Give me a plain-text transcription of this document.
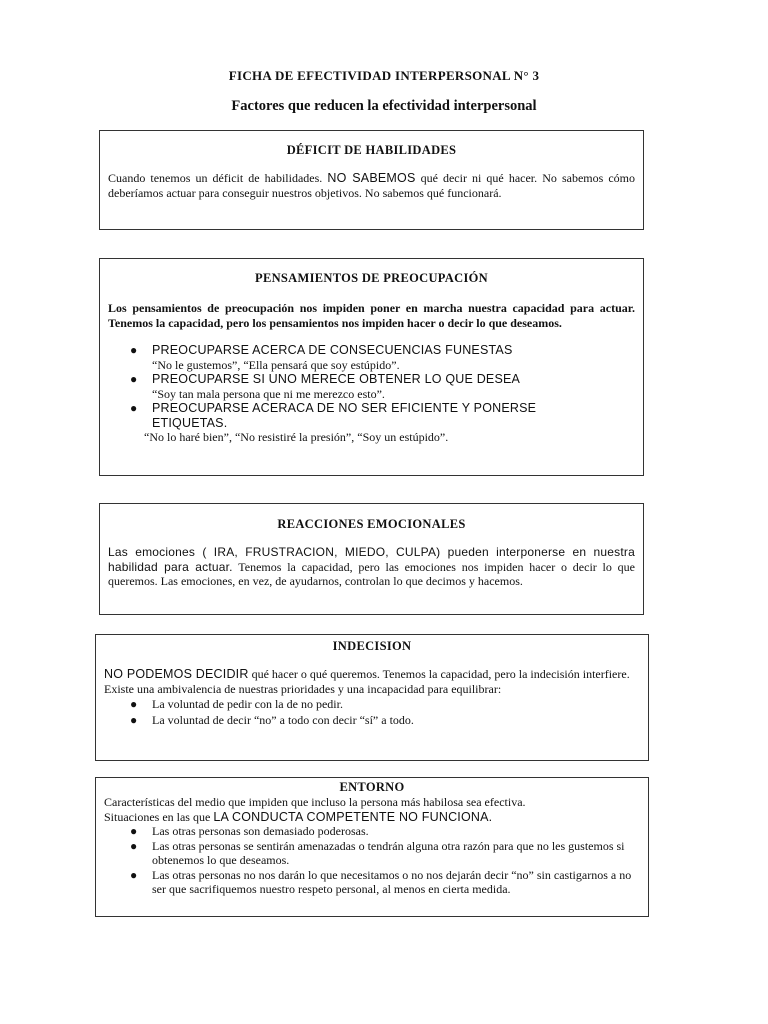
FICHA DE EFECTIVIDAD INTERPERSONAL N° 3
Factores que reducen la efectividad interpersonal
DÉFICIT DE HABILIDADES
Cuando tenemos un déficit de habilidades. NO SABEMOS qué decir ni qué hacer. No sabemos cómo deberíamos actuar para conseguir nuestros objetivos. No sabemos qué funcionará.
PENSAMIENTOS DE PREOCUPACIÓN
Los pensamientos de preocupación nos impiden poner en marcha nuestra capacidad para actuar. Tenemos la capacidad, pero los pensamientos nos impiden hacer o decir lo que deseamos.
● PREOCUPARSE ACERCA DE CONSECUENCIAS FUNESTAS
“No le gustemos”, “Ella pensará que soy estúpido”.
● PREOCUPARSE SI UNO MERECE OBTENER LO QUE DESEA
“Soy tan mala persona que ni me merezco esto”.
● PREOCUPARSE ACERACA DE NO SER EFICIENTE Y PONERSE
ETIQUETAS.
“No lo haré bien”, “No resistiré la presión”, “Soy un estúpido”.
REACCIONES EMOCIONALES
Las emociones ( IRA, FRUSTRACION, MIEDO, CULPA) pueden interponerse en nuestra habilidad para actuar. Tenemos la capacidad, pero las emociones nos impiden hacer o decir lo que queremos. Las emociones, en vez, de ayudarnos, controlan lo que decimos y hacemos.
INDECISION
NO PODEMOS DECIDIR qué hacer o qué queremos. Tenemos la capacidad, pero la indecisión interfiere. Existe una ambivalencia de nuestras prioridades y una incapacidad para equilibrar:
● La voluntad de pedir con la de no pedir.
● La voluntad de decir “no” a todo con decir “sí” a todo.
ENTORNO
Características del medio que impiden que incluso la persona más habilosa sea efectiva.
Situaciones en las que LA CONDUCTA COMPETENTE NO FUNCIONA.
● Las otras personas son demasiado poderosas.
● Las otras personas se sentirán amenazadas o tendrán alguna otra razón para que no les gustemos si obtenemos lo que deseamos.
● Las otras personas no nos darán lo que necesitamos o no nos dejarán decir “no” sin castigarnos a no ser que sacrifiquemos nuestro respeto personal, al menos en cierta medida.
